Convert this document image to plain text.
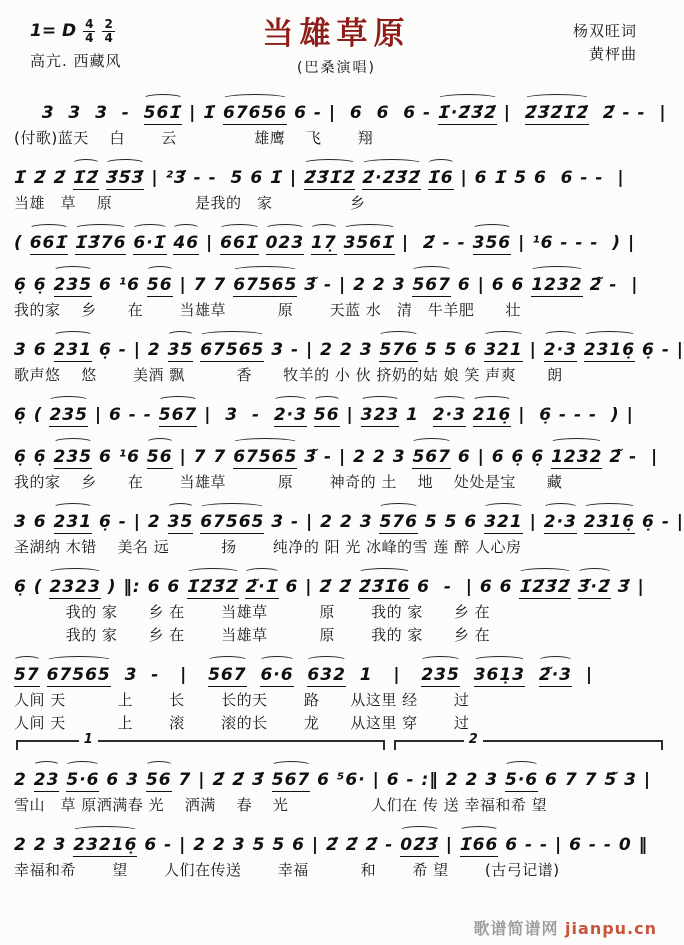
1= D $\frac{4}{4} \frac{2}{4}$
高亢. 西藏风
当雄草原
(巴桑演唱)
杨双旺词
黄枰曲
3 3 3 - 561̇ | 1̇ 67656 6 - | 6 6 6 - 1̇·2̇3̇2̇ | 2̇3̇2̇1̇2̇ 2̇ - - |
(付歌)蓝天　 白　　 云　　　　　雄鹰　 飞　　 翔
1̇ 2̇ 2̇ 1̇2̇ 3̇5̇3̇ | ²3̇ - - 5 6 1̇ | 2̇3̇1̇2̇ 2̇·2̇3̇2̇ 1̇6 | 6 1̇ 5 6 6 - - |
当雄　草　 原　　　　　 是我的　家　　　　　乡
( 661̇ 1̇3̇76 6·1̇ 46 | 661̇ 023 17̣ 3561̇ | 2̇ - - 356 | ¹6 - - - ) |
6̣ 6̣ 235 6 ¹6 56 | 7 7 67565 3̃ - | 2 2 3 567 6 | 6 6 1232 2̃ - |
我的家　 乡　　在　　 当雄草　　　 原　　 天蓝 水　清　牛羊肥　　壮
3 6 231 6̣ - | 2 35 67565 3 - | 2 2 3 576 5 5 6 321 | 2·3 2316̣ 6̣ - |
歌声悠　 悠　　 美酒 飘　　　 香　　牧羊的 小 伙 挤奶的姑 娘 笑 声爽　　朗
6̣ ( 235 | 6 - - 567 | 3 - 2·3 56 | 323 1 2·3 216̣ | 6̣ - - - ) |
6̣ 6̣ 235 6 ¹6 56 | 7 7 67565 3̃ - | 2 2 3 567 6 | 6 6̣ 6̣ 1232 2̃ - |
我的家　 乡　　在　　 当雄草　　　 原　　 神奇的 土　 地　 处处是宝　　藏
3 6 231 6̣ - | 2 35 67565 3 - | 2 2 3 576 5 5 6 321 | 2·3 2316̣ 6̣ - |
圣湖纳 木错　 美名 远　　　 扬　　 纯净的 阳 光 冰峰的雪 莲 醉 人心房
6̣ ( 2323 ) ‖: 6 6 1̇2̇3̇2̇ 2̃·1̇ 6 | 2̇ 2̇ 2̇3̇1̇6 6 - | 6 6 1̇2̇3̇2̇ 3̇̃·2̇ 3̇ |
　　　 我的 家　　乡 在　　 当雄草　　　 原　　 我的 家　　乡 在
　　　 我的 家　　乡 在　　 当雄草　　　 原　　 我的 家　　乡 在
57 67565 3 - | 567 6·6 632 1 | 235 361̣3 2̃·3 |
人间 天　　　 上　　 长　　 长的天　　 路　　从这里 经　　 过
人间 天　　　 上　　 滚　　 滚的长　　 龙　　从这里 穿　　 过
1	2
2 23 5·6 6 3 56 7 | 2̇ 2̇ 3̇ 567 6 ⁵6· | 6 - :‖ 2 2 3 5·6 6 7 7 5̃ 3 |
雪山　草 原洒满春 光　 洒满　 春　 光　　　　　 人们在 传 送 幸福和希 望
2 2 3 23216̣ 6 - | 2 2 3 5 5 6 | 2̇ 2̇ 2̇ - 02̇3̇ | 1̇66 6 - - | 6 - - 0 ‖
幸福和希　　 望　　 人们在传送　　 幸福　　　 和　　 希 望　　 (古弓记谱)
歌谱简谱网 jianpu.cn
